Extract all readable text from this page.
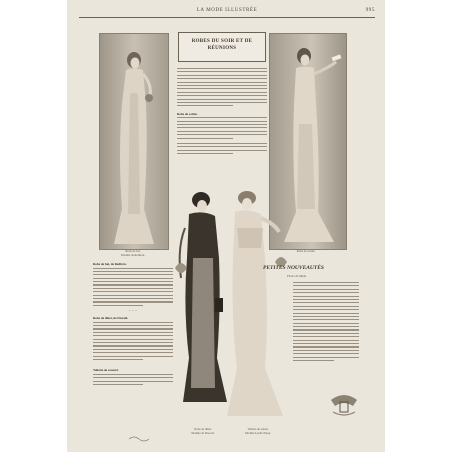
LA MODE ILLUSTRÉE	995
Robe de bal.
Modèle de Redfern.
ROBES DU SOIR ET DE
RÉUNIONS
Robe de soirée.
Robe de soirée.
Robe de bal, de Redfern.
~ ~ ~
Robe de dîner, de Drecoll.
Toilette de concert.
Robe de dîner.
Modèle de Drecoll.
Toilette de soirée.
Modèle Lucile Paray.
PETITES NOUVEAUTÉS
Fleurs de Mode.
